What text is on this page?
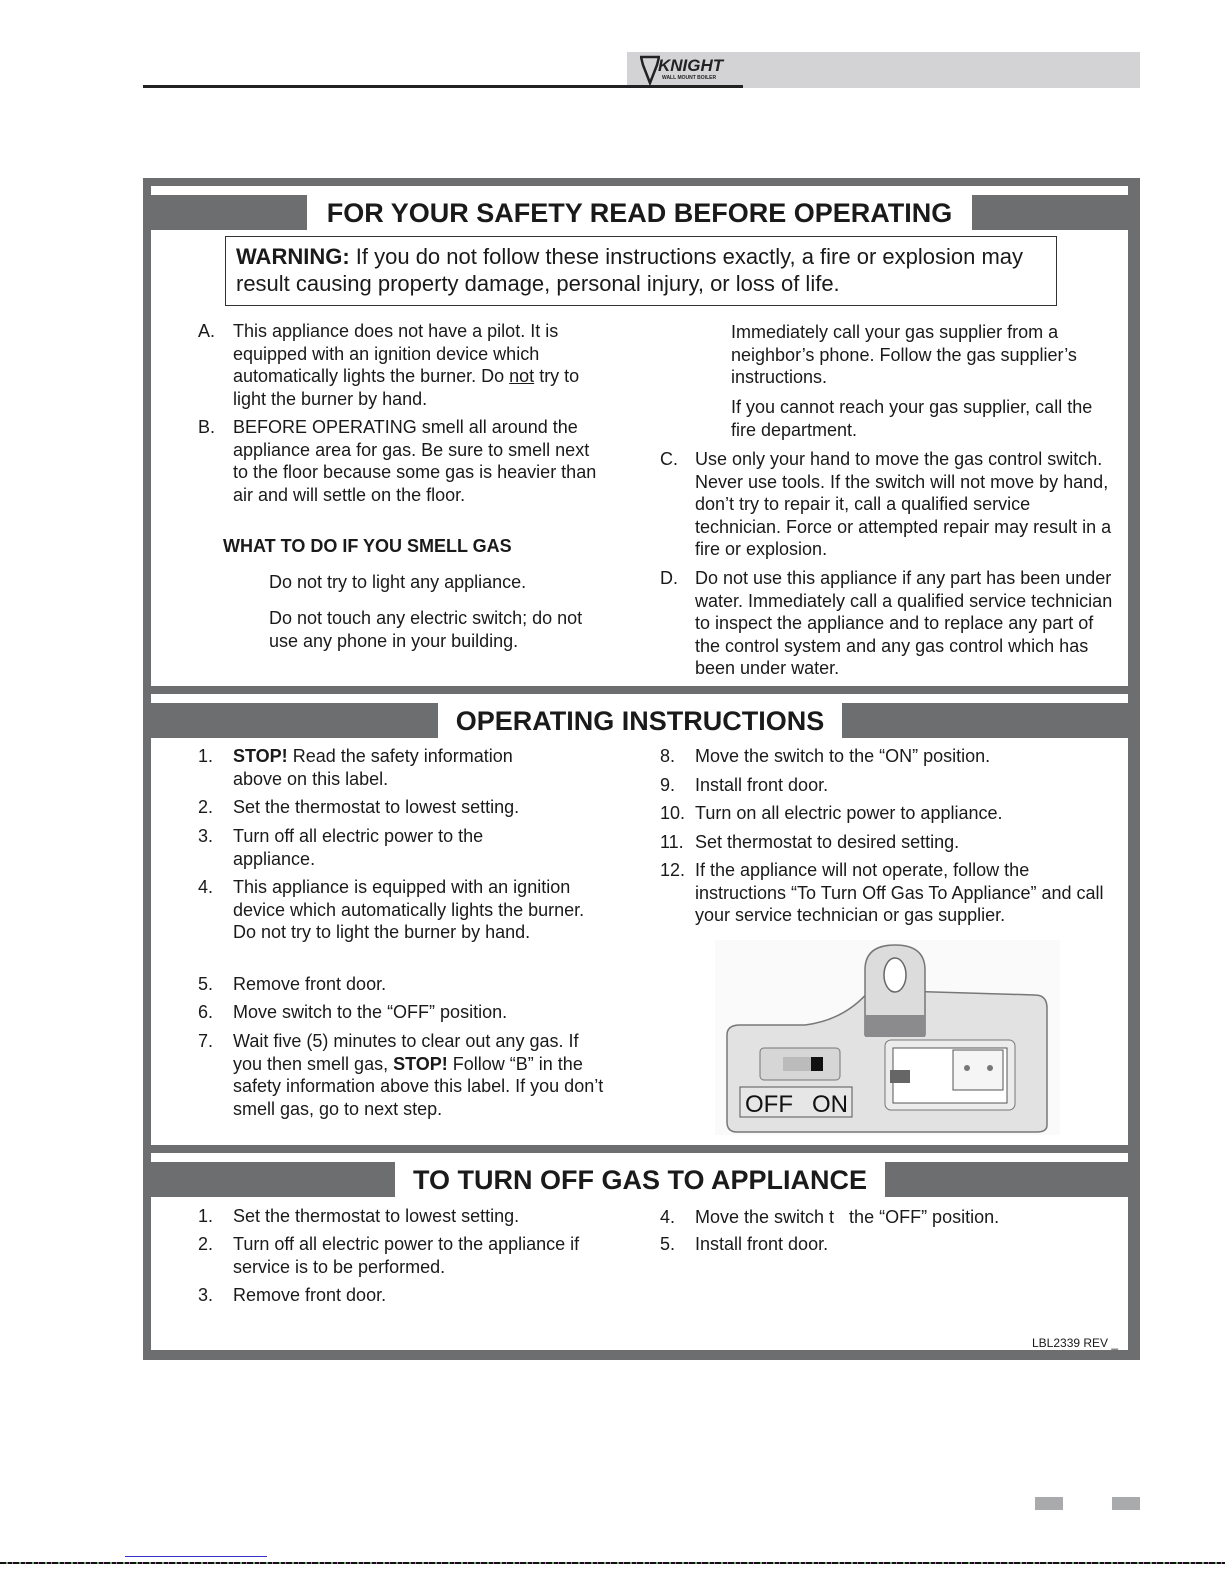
KNIGHT
WALL MOUNT BOILER
FOR YOUR SAFETY READ BEFORE OPERATING
OPERATING INSTRUCTIONS
TO TURN OFF GAS TO APPLIANCE
WARNING: If you do not follow these instructions exactly, a fire or explosion may result causing property damage, personal injury, or loss of life.
A. This appliance does not have a pilot. It is equipped with an ignition device which automatically lights the burner. Do not try to light the burner by hand.
B. BEFORE OPERATING smell all around the appliance area for gas. Be sure to smell next to the floor because some gas is heavier than air and will settle on the floor.
WHAT TO DO IF YOU SMELL GAS
Do not try to light any appliance.
Do not touch any electric switch; do not use any phone in your building.
Immediately call your gas supplier from a neighbor’s phone. Follow the gas supplier’s instructions.
If you cannot reach your gas supplier, call the fire department.
C. Use only your hand to move the gas control switch. Never use tools. If the switch will not move by hand, don’t try to repair it, call a qualified service technician. Force or attempted repair may result in a fire or explosion.
D. Do not use this appliance if any part has been under water. Immediately call a qualified service technician to inspect the appliance and to replace any part of the control system and any gas control which has been under water.
1. STOP! Read the safety information above on this label.
2. Set the thermostat to lowest setting.
3. Turn off all electric power to the appliance.
4. This appliance is equipped with an ignition device which automatically lights the burner. Do not try to light the burner by hand.
5. Remove front door.
6. Move switch to the “OFF” position.
7. Wait five (5) minutes to clear out any gas. If you then smell gas, STOP! Follow “B” in the safety information above this label. If you don’t smell gas, go to next step.
8. Move the switch to the “ON” position.
9. Install front door.
10. Turn on all electric power to appliance.
11. Set thermostat to desired setting.
12. If the appliance will not operate, follow the instructions “To Turn Off Gas To Appliance” and call your service technician or gas supplier.
OFF ON
1. Set the thermostat to lowest setting.
2. Turn off all electric power to the appliance if service is to be performed.
3. Remove front door.
4. Move the switch t   the “OFF” position.
5. Install front door.
LBL2339 REV _
